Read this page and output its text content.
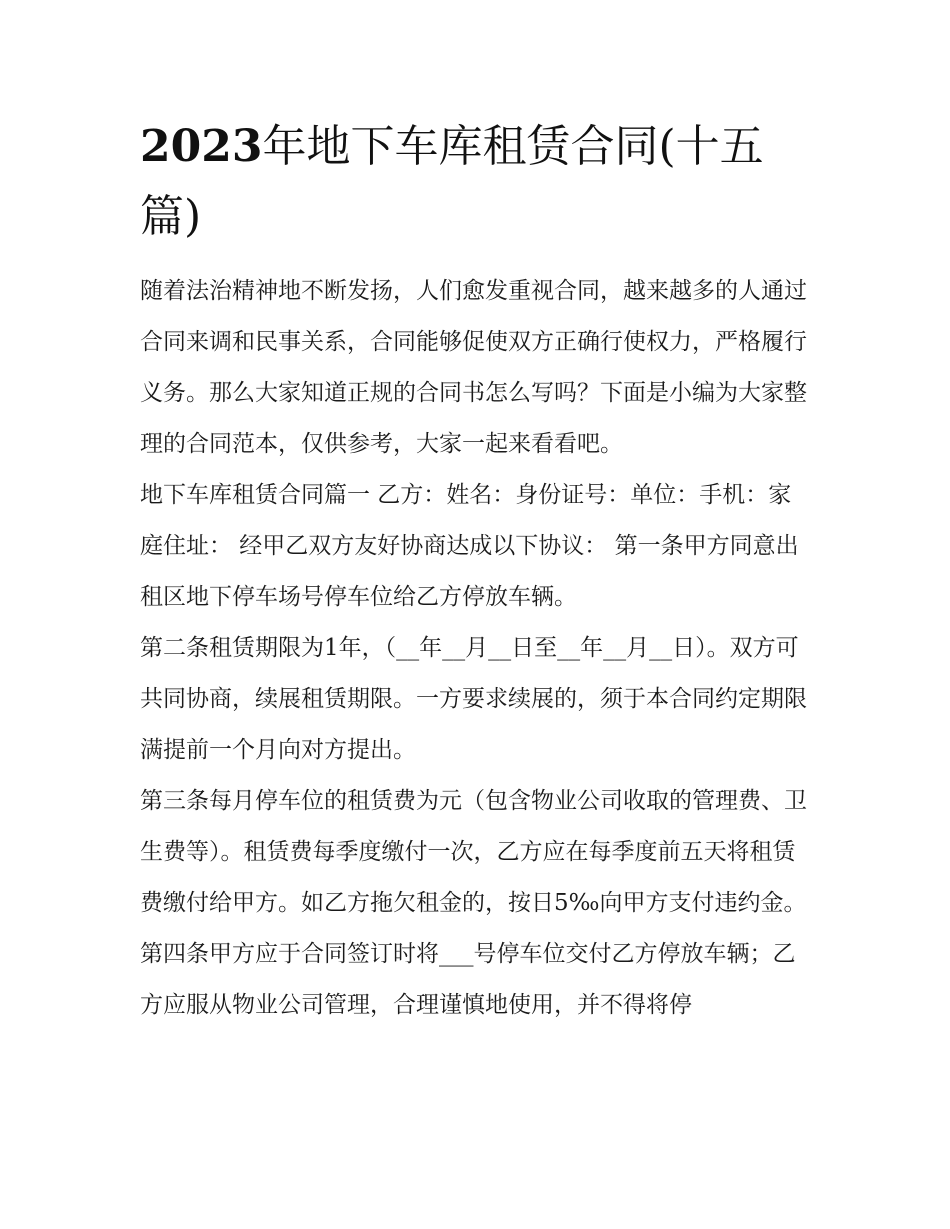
2023年地下车库租赁合同(十五篇)

随着法治精神地不断发扬，人们愈发重视合同，越来越多的人通过合同来调和民事关系，合同能够促使双方正确行使权力，严格履行义务。那么大家知道正规的合同书怎么写吗？下面是小编为大家整理的合同范本，仅供参考，大家一起来看看吧。

地下车库租赁合同篇一 乙方：姓名：身份证号：单位：手机：家庭住址： 经甲乙双方友好协商达成以下协议： 第一条甲方同意出租区地下停车场号停车位给乙方停放车辆。

第二条租赁期限为1年，（__年__月__日至__年__月__日）。双方可共同协商，续展租赁期限。一方要求续展的，须于本合同约定期限满提前一个月向对方提出。

第三条每月停车位的租赁费为元（包含物业公司收取的管理费、卫生费等）。租赁费每季度缴付一次，乙方应在每季度前五天将租赁费缴付给甲方。如乙方拖欠租金的，按日5‰向甲方支付违约金。

第四条甲方应于合同签订时将___号停车位交付乙方停放车辆；乙方应服从物业公司管理，合理谨慎地使用，并不得将停
